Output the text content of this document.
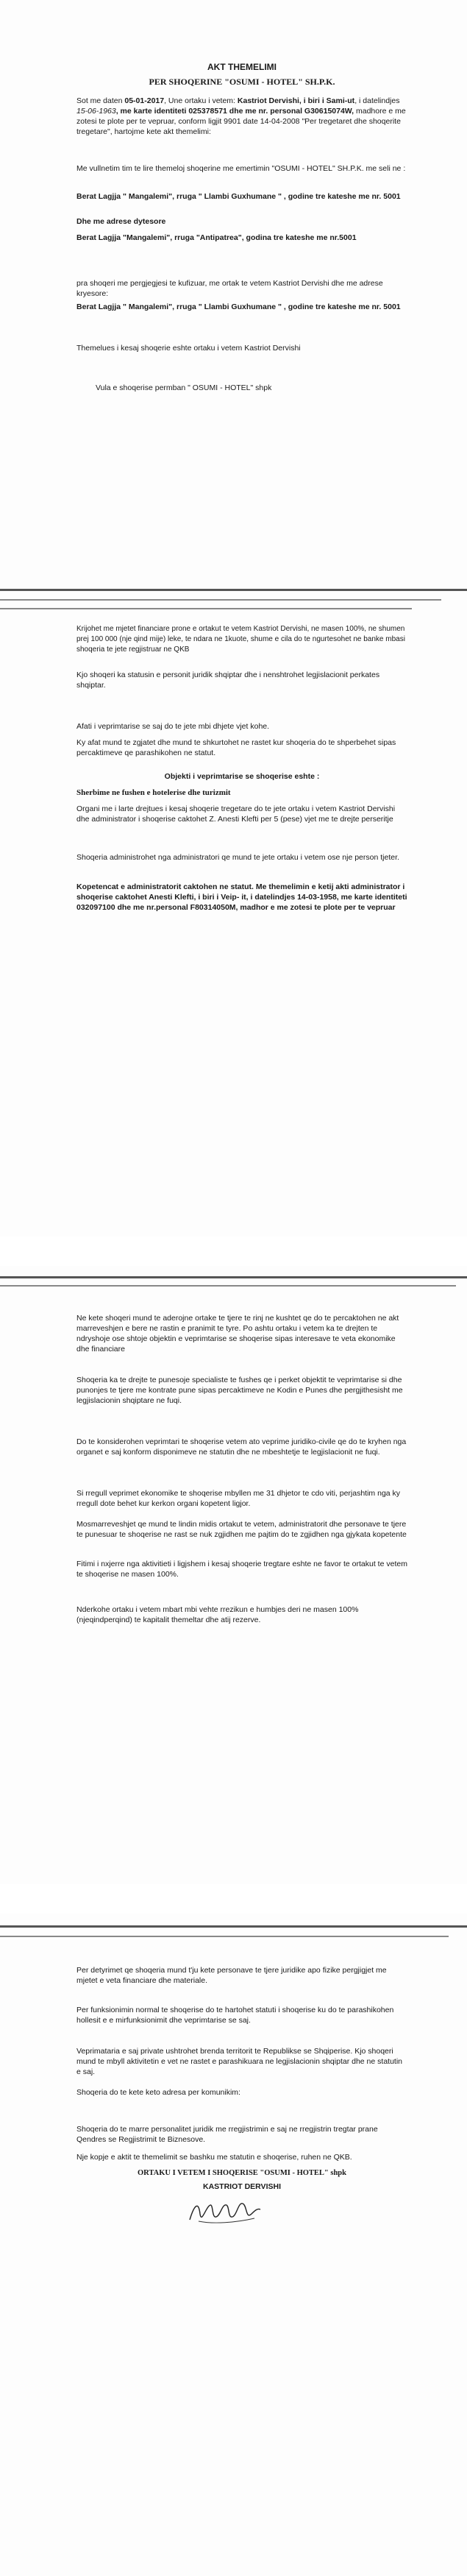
AKT THEMELIMI
PER SHOQERINE "OSUMI - HOTEL" SH.P.K.
Sot me daten 05-01-2017, Une ortaku i vetem: Kastriot Dervishi, i biri i Sami-ut, i datelindjes 15-06-1963, me karte identiteti 025378571 dhe me nr. personal G30615074W, madhore e me zotesi te plote per te vepruar, conform ligjit 9901 date 14-04-2008 "Per tregetaret dhe shoqerite tregetare", hartojme kete akt themelimi:
Me vullnetim tim te lire themeloj shoqerine me emertimin "OSUMI - HOTEL" SH.P.K. me seli ne :
Berat Lagjja " Mangalemi", rruga " Llambi Guxhumane " , godine tre kateshe me nr. 5001
Dhe me adrese dytesore
Berat Lagjja "Mangalemi", rruga "Antipatrea", godina tre kateshe me nr.5001
pra shoqeri me pergjegjesi te kufizuar, me ortak te vetem Kastriot Dervishi dhe me adrese kryesore:
Berat Lagjja " Mangalemi", rruga " Llambi Guxhumane " , godine tre kateshe me nr. 5001
Themelues i kesaj shoqerie eshte ortaku i vetem Kastriot Dervishi
Vula e shoqerise permban " OSUMI - HOTEL" shpk
Krijohet me mjetet financiare prone e ortakut te vetem Kastriot Dervishi, ne masen 100%, ne shumen prej 100 000 (nje qind mije) leke, te ndara ne 1kuote, shume e cila do te ngurtesohet ne banke mbasi shoqeria te jete regjistruar ne QKB
Kjo shoqeri ka statusin e personit juridik shqiptar dhe i nenshtrohet legjislacionit perkates shqiptar.
Afati i veprimtarise se saj do te jete mbi dhjete vjet kohe.
Ky afat mund te zgjatet dhe mund te shkurtohet ne rastet kur shoqeria do te shperbehet sipas percaktimeve qe parashikohen ne statut.
Objekti i veprimtarise se shoqerise eshte :
Sherbime ne fushen e hotelerise dhe turizmit
Organi me i larte drejtues i kesaj shoqerie tregetare do te jete ortaku i vetem Kastriot Dervishi dhe administrator i shoqerise caktohet Z. Anesti Klefti per 5 (pese) vjet me te drejte perseritje
Shoqeria administrohet nga administratori qe mund te jete ortaku i vetem ose nje person tjeter.
Kopetencat e administratorit caktohen ne statut. Me themelimin e ketij akti administrator i shoqerise caktohet Anesti Klefti, i biri i Veip- it, i datelindjes 14-03-1958, me karte identiteti 032097100 dhe me nr.personal F80314050M, madhor e me zotesi te plote per te vepruar
Ne kete shoqeri mund te aderojne ortake te tjere te rinj ne kushtet qe do te percaktohen ne akt marreveshjen e bere ne rastin e pranimit te tyre. Po ashtu ortaku i vetem ka te drejten te ndryshoje ose shtoje objektin e veprimtarise se shoqerise sipas interesave te veta ekonomike dhe financiare
Shoqeria ka te drejte te punesoje specialiste te fushes qe i perket objektit te veprimtarise si dhe punonjes te tjere me kontrate pune sipas percaktimeve ne Kodin e Punes dhe pergjithesisht me legjislacionin shqiptare ne fuqi.
Do te konsiderohen veprimtari te shoqerise vetem ato veprime juridiko-civile qe do te kryhen nga organet e saj konform disponimeve ne statutin dhe ne mbeshtetje te legjislacionit ne fuqi.
Si rregull veprimet ekonomike te shoqerise mbyllen me 31 dhjetor te cdo viti, perjashtim nga ky rregull dote behet kur kerkon organi kopetent ligjor.
Mosmarreveshjet qe mund te lindin midis ortakut te vetem, administratorit dhe personave te tjere te punesuar te shoqerise ne rast se nuk zgjidhen me pajtim do te zgjidhen nga gjykata kopetente
Fitimi i nxjerre nga aktivitieti i ligjshem i kesaj shoqerie tregtare eshte ne favor te ortakut te vetem te shoqerise ne masen 100%.
Nderkohe ortaku i vetem mbart mbi vehte rrezikun e humbjes deri ne masen 100% (njeqindperqind) te kapitalit themeltar dhe atij rezerve.
Per detyrimet qe shoqeria mund t'ju kete personave te tjere juridike apo fizike pergjigjet me mjetet e veta financiare dhe materiale.
Per funksionimin normal te shoqerise do te hartohet statuti i shoqerise ku do te parashikohen hollesit e e mirfunksionimit dhe veprimtarise se saj.
Veprimataria e saj private ushtrohet brenda territorit te Republikse se Shqiperise. Kjo shoqeri mund te mbyll aktivitetin e vet ne rastet e parashikuara ne legjislacionin shqiptar dhe ne statutin e saj.
Shoqeria do te kete keto adresa per komunikim:
Shoqeria do te marre personalitet juridik me rregjistrimin e saj ne rregjistrin tregtar prane Qendres se Regjistrimit te Biznesove.
Nje kopje e aktit te themelimit se bashku me statutin e shoqerise, ruhen ne QKB.
ORTAKU I VETEM I SHOQERISE "OSUMI - HOTEL" shpk
KASTRIOT DERVISHI
